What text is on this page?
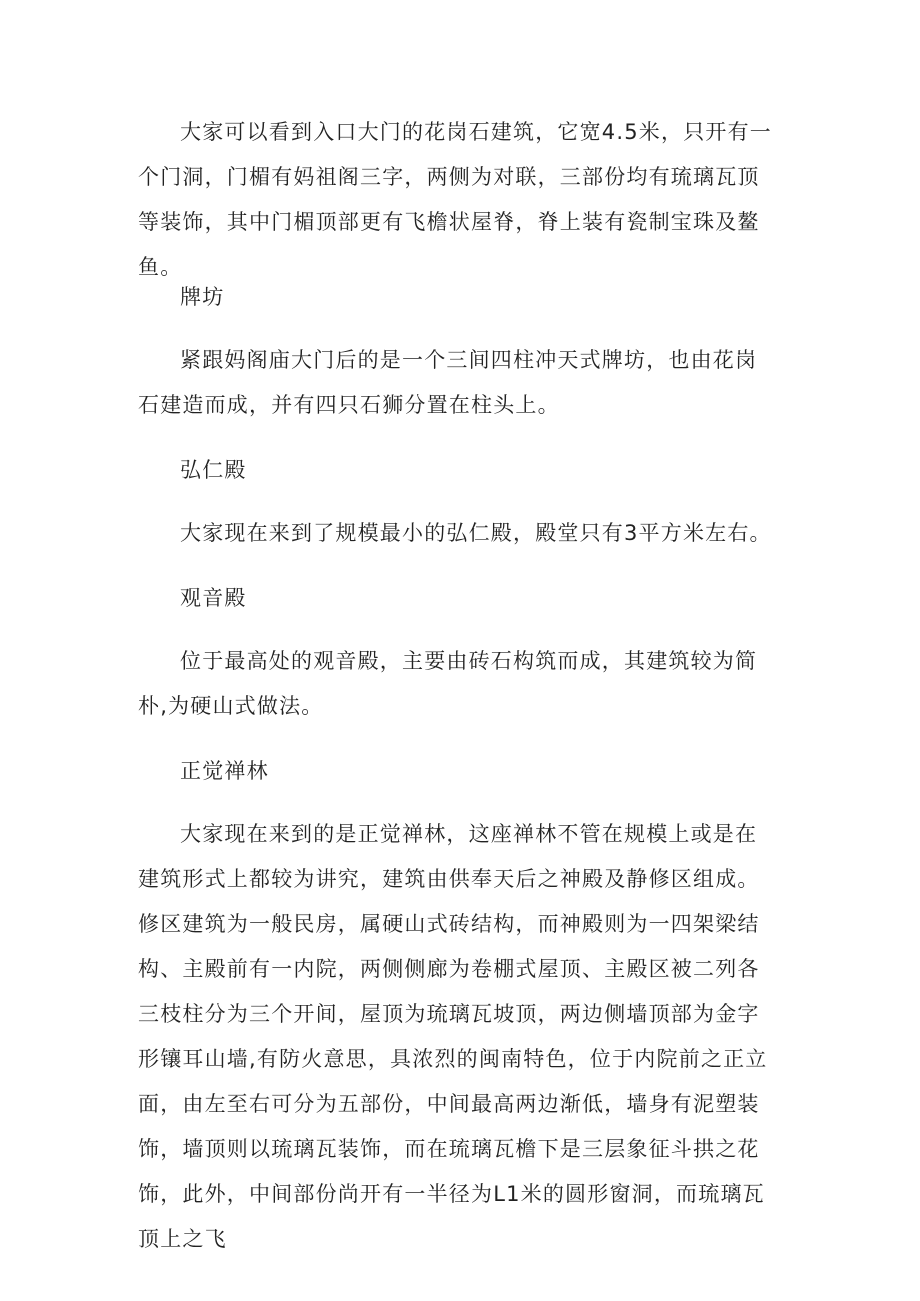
大家可以看到入口大门的花岗石建筑，它宽4.5米，只开有一个门洞，门楣有妈祖阁三字，两侧为对联，三部份均有琉璃瓦顶等装饰，其中门楣顶部更有飞檐状屋脊，脊上装有瓷制宝珠及鳌鱼。
牌坊
紧跟妈阁庙大门后的是一个三间四柱冲天式牌坊，也由花岗石建造而成，并有四只石狮分置在柱头上。
弘仁殿
大家现在来到了规模最小的弘仁殿，殿堂只有3平方米左右。
观音殿
位于最高处的观音殿，主要由砖石构筑而成，其建筑较为简朴,为硬山式做法。
正觉禅林
大家现在来到的是正觉禅林，这座禅林不管在规模上或是在建筑形式上都较为讲究，建筑由供奉天后之神殿及静修区组成。修区建筑为一般民房，属硬山式砖结构，而神殿则为一四架梁结构、主殿前有一内院，两侧侧廊为卷棚式屋顶、主殿区被二列各三枝柱分为三个开间，屋顶为琉璃瓦坡顶，两边侧墙顶部为金字形镶耳山墙,有防火意思，具浓烈的闽南特色，位于内院前之正立面，由左至右可分为五部份，中间最高两边渐低，墙身有泥塑装饰，墙顶则以琉璃瓦装饰，而在琉璃瓦檐下是三层象征斗拱之花饰，此外，中间部份尚开有一半径为L1米的圆形窗洞，而琉璃瓦顶上之飞
